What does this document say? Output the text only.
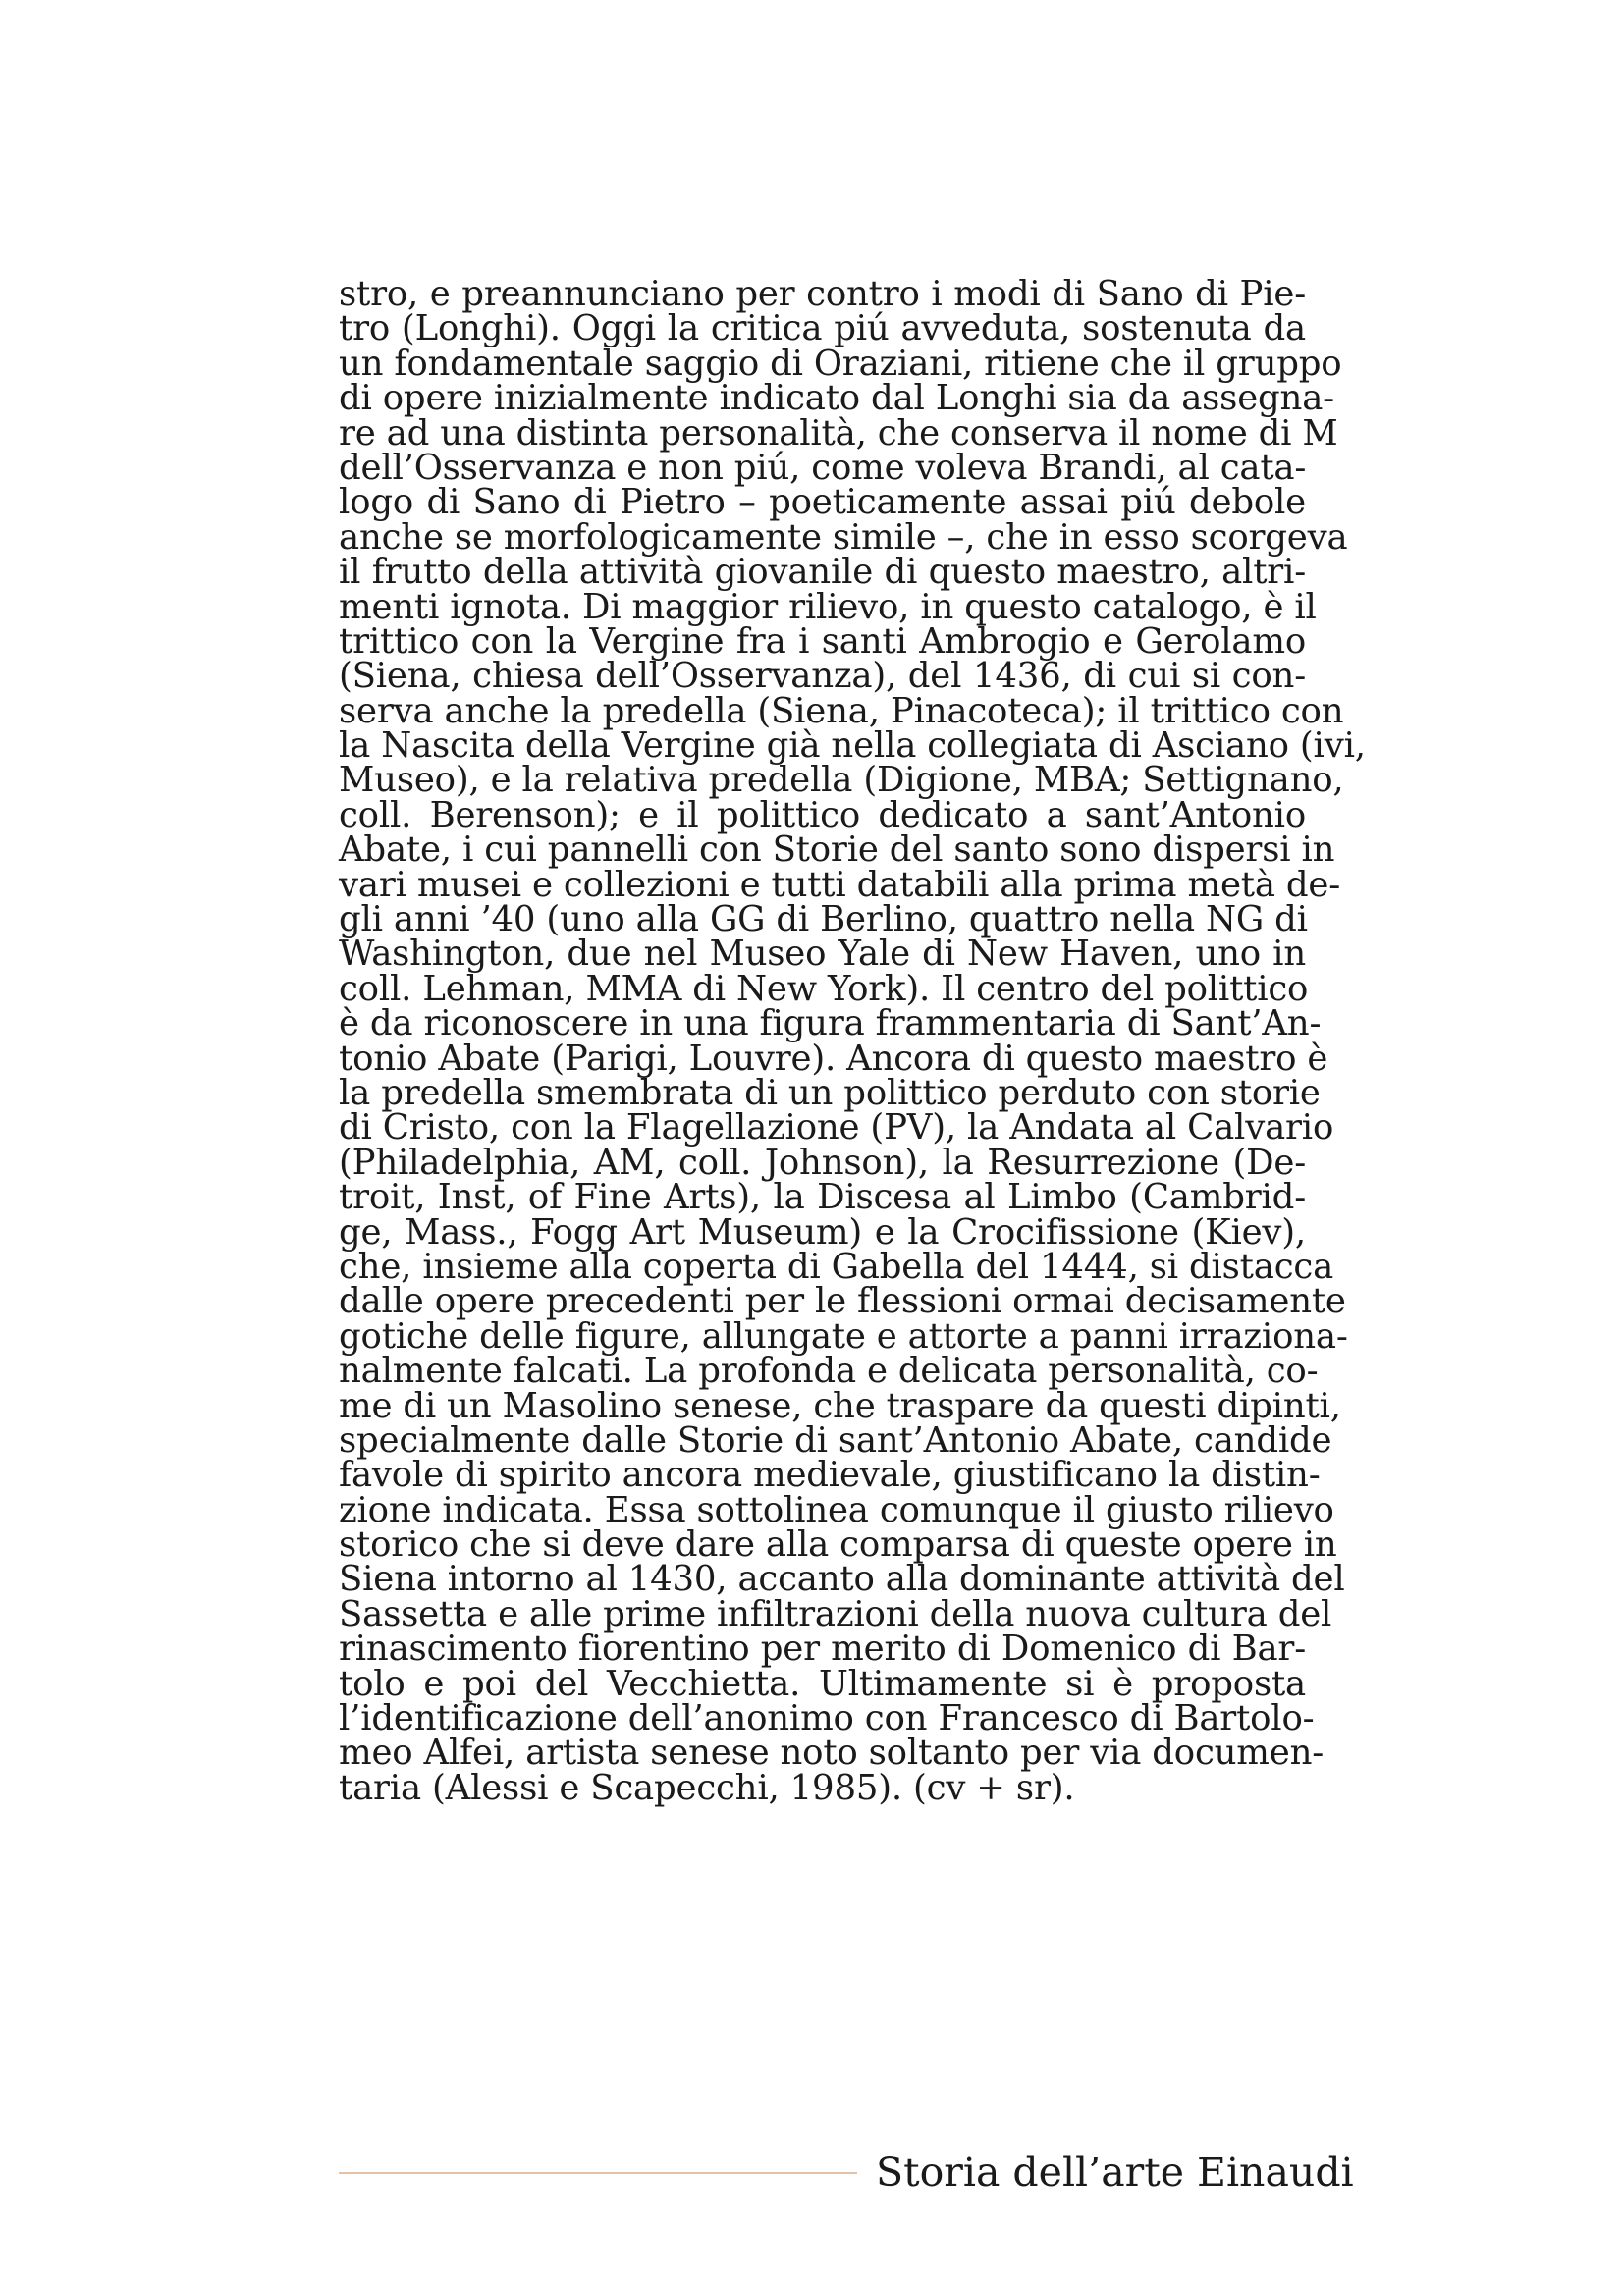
stro, e preannunciano per contro i modi di Sano di Pie-
tro (Longhi). Oggi la critica piú avveduta, sostenuta da
un fondamentale saggio di Oraziani, ritiene che il gruppo
di opere inizialmente indicato dal Longhi sia da assegna-
re ad una distinta personalità, che conserva il nome di M
dell’Osservanza e non piú, come voleva Brandi, al cata-
logo di Sano di Pietro – poeticamente assai piú debole
anche se morfologicamente simile –, che in esso scorgeva
il frutto della attività giovanile di questo maestro, altri-
menti ignota. Di maggior rilievo, in questo catalogo, è il
trittico con la Vergine fra i santi Ambrogio e Gerolamo
(Siena, chiesa dell’Osservanza), del 1436, di cui si con-
serva anche la predella (Siena, Pinacoteca); il trittico con
la Nascita della Vergine già nella collegiata di Asciano (ivi,
Museo), e la relativa predella (Digione, MBA; Settignano,
coll. Berenson); e il polittico dedicato a sant’Antonio
Abate, i cui pannelli con Storie del santo sono dispersi in
vari musei e collezioni e tutti databili alla prima metà de-
gli anni ’40 (uno alla GG di Berlino, quattro nella NG di
Washington, due nel Museo Yale di New Haven, uno in
coll. Lehman, MMA di New York). Il centro del polittico
è da riconoscere in una figura frammentaria di Sant’An-
tonio Abate (Parigi, Louvre). Ancora di questo maestro è
la predella smembrata di un polittico perduto con storie
di Cristo, con la Flagellazione (PV), la Andata al Calvario
(Philadelphia, AM, coll. Johnson), la Resurrezione (De-
troit, Inst, of Fine Arts), la Discesa al Limbo (Cambrid-
ge, Mass., Fogg Art Museum) e la Crocifissione (Kiev),
che, insieme alla coperta di Gabella del 1444, si distacca
dalle opere precedenti per le flessioni ormai decisamente
gotiche delle figure, allungate e attorte a panni irraziona-
nalmente falcati. La profonda e delicata personalità, co-
me di un Masolino senese, che traspare da questi dipinti,
specialmente dalle Storie di sant’Antonio Abate, candide
favole di spirito ancora medievale, giustificano la distin-
zione indicata. Essa sottolinea comunque il giusto rilievo
storico che si deve dare alla comparsa di queste opere in
Siena intorno al 1430, accanto alla dominante attività del
Sassetta e alle prime infiltrazioni della nuova cultura del
rinascimento fiorentino per merito di Domenico di Bar-
tolo e poi del Vecchietta. Ultimamente si è proposta
l’identificazione dell’anonimo con Francesco di Bartolo-
meo Alfei, artista senese noto soltanto per via documen-
taria (Alessi e Scapecchi, 1985). (cv + sr).
Storia dell’arte Einaudi
